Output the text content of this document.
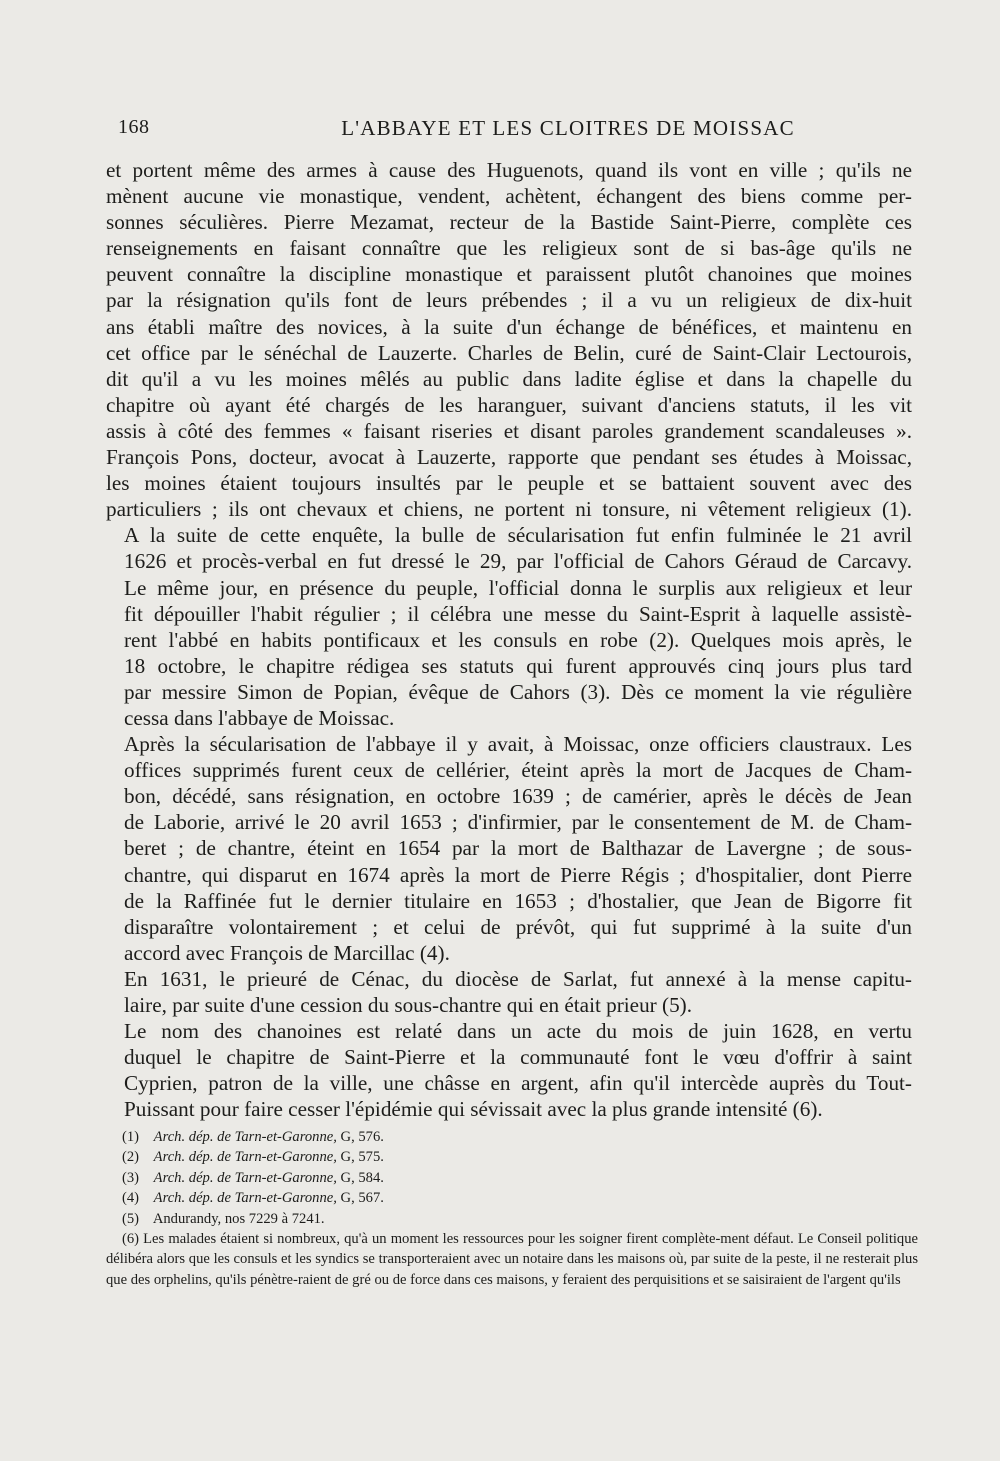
168	L'ABBAYE ET LES CLOITRES DE MOISSAC

et portent même des armes à cause des Huguenots, quand ils vont en ville ; qu'ils ne
mènent aucune vie monastique, vendent, achètent, échangent des biens comme per-
sonnes séculières. Pierre Mezamat, recteur de la Bastide Saint-Pierre, complète ces
renseignements en faisant connaître que les religieux sont de si bas-âge qu'ils ne
peuvent connaître la discipline monastique et paraissent plutôt chanoines que moines
par la résignation qu'ils font de leurs prébendes ; il a vu un religieux de dix-huit
ans établi maître des novices, à la suite d'un échange de bénéfices, et maintenu en
cet office par le sénéchal de Lauzerte. Charles de Belin, curé de Saint-Clair Lectourois,
dit qu'il a vu les moines mêlés au public dans ladite église et dans la chapelle du
chapitre où ayant été chargés de les haranguer, suivant d'anciens statuts, il les vit
assis à côté des femmes « faisant riseries et disant paroles grandement scandaleuses ».
François Pons, docteur, avocat à Lauzerte, rapporte que pendant ses études à Moissac,
les moines étaient toujours insultés par le peuple et se battaient souvent avec des
particuliers ; ils ont chevaux et chiens, ne portent ni tonsure, ni vêtement religieux (1).

A la suite de cette enquête, la bulle de sécularisation fut enfin fulminée le 21 avril
1626 et procès-verbal en fut dressé le 29, par l'official de Cahors Géraud de Carcavy.
Le même jour, en présence du peuple, l'official donna le surplis aux religieux et leur
fit dépouiller l'habit régulier ; il célébra une messe du Saint-Esprit à laquelle assistè-
rent l'abbé en habits pontificaux et les consuls en robe (2). Quelques mois après, le
18 octobre, le chapitre rédigea ses statuts qui furent approuvés cinq jours plus tard
par messire Simon de Popian, évêque de Cahors (3). Dès ce moment la vie régulière
cessa dans l'abbaye de Moissac.

Après la sécularisation de l'abbaye il y avait, à Moissac, onze officiers claustraux. Les
offices supprimés furent ceux de cellérier, éteint après la mort de Jacques de Cham-
bon, décédé, sans résignation, en octobre 1639 ; de camérier, après le décès de Jean
de Laborie, arrivé le 20 avril 1653 ; d'infirmier, par le consentement de M. de Cham-
beret ; de chantre, éteint en 1654 par la mort de Balthazar de Lavergne ; de sous-
chantre, qui disparut en 1674 après la mort de Pierre Régis ; d'hospitalier, dont Pierre
de la Raffinée fut le dernier titulaire en 1653 ; d'hostalier, que Jean de Bigorre fit
disparaître volontairement ; et celui de prévôt, qui fut supprimé à la suite d'un
accord avec François de Marcillac (4).

En 1631, le prieuré de Cénac, du diocèse de Sarlat, fut annexé à la mense capitu-
laire, par suite d'une cession du sous-chantre qui en était prieur (5).

Le nom des chanoines est relaté dans un acte du mois de juin 1628, en vertu
duquel le chapitre de Saint-Pierre et la communauté font le vœu d'offrir à saint
Cyprien, patron de la ville, une châsse en argent, afin qu'il intercède auprès du Tout-
Puissant pour faire cesser l'épidémie qui sévissait avec la plus grande intensité (6).

(1) Arch. dép. de Tarn-et-Garonne, G, 576.

(2) Arch. dép. de Tarn-et-Garonne, G, 575.

(3) Arch. dép. de Tarn-et-Garonne, G, 584.

(4) Arch. dép. de Tarn-et-Garonne, G, 567.

(5) Andurandy, nos 7229 à 7241.

(6) Les malades étaient si nombreux, qu'à un moment les ressources pour les soigner firent complète-ment défaut. Le Conseil politique délibéra alors que les consuls et les syndics se transporteraient avec un notaire dans les maisons où, par suite de la peste, il ne resterait plus que des orphelins, qu'ils pénètre-raient de gré ou de force dans ces maisons, y feraient des perquisitions et se saisiraient de l'argent qu'ils
